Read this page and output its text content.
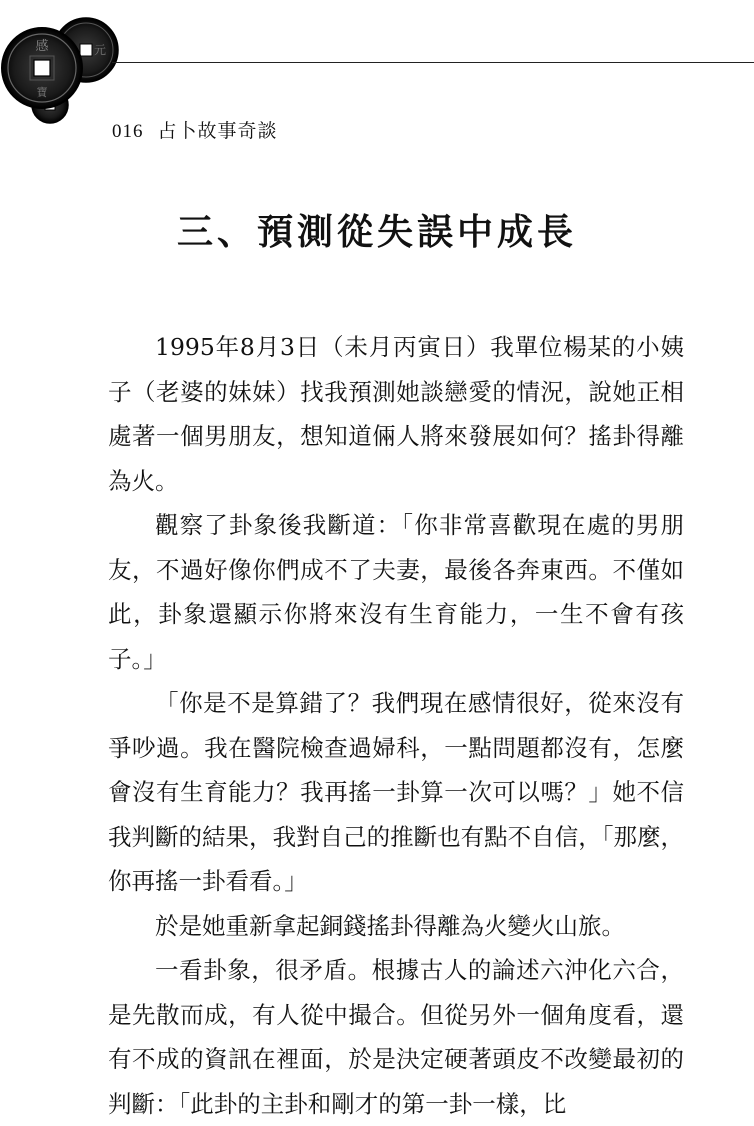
感	元
寶
016 占卜故事奇談
三、預測從失誤中成長

1995年8月3日（未月丙寅日）我單位楊某的小姨子（老婆的妹妹）找我預測她談戀愛的情況，說她正相處著一個男朋友，想知道倆人將來發展如何？搖卦得離為火。

觀察了卦象後我斷道：「你非常喜歡現在處的男朋友，不過好像你們成不了夫妻，最後各奔東西。不僅如此，卦象還顯示你將來沒有生育能力，一生不會有孩子。」

「你是不是算錯了？我們現在感情很好，從來沒有爭吵過。我在醫院檢查過婦科，一點問題都沒有，怎麼會沒有生育能力？我再搖一卦算一次可以嗎？」她不信我判斷的結果，我對自己的推斷也有點不自信，「那麼，你再搖一卦看看。」

於是她重新拿起銅錢搖卦得離為火變火山旅。

一看卦象，很矛盾。根據古人的論述六沖化六合，是先散而成，有人從中撮合。但從另外一個角度看，還有不成的資訊在裡面，於是決定硬著頭皮不改變最初的判斷：「此卦的主卦和剛才的第一卦一樣，比
